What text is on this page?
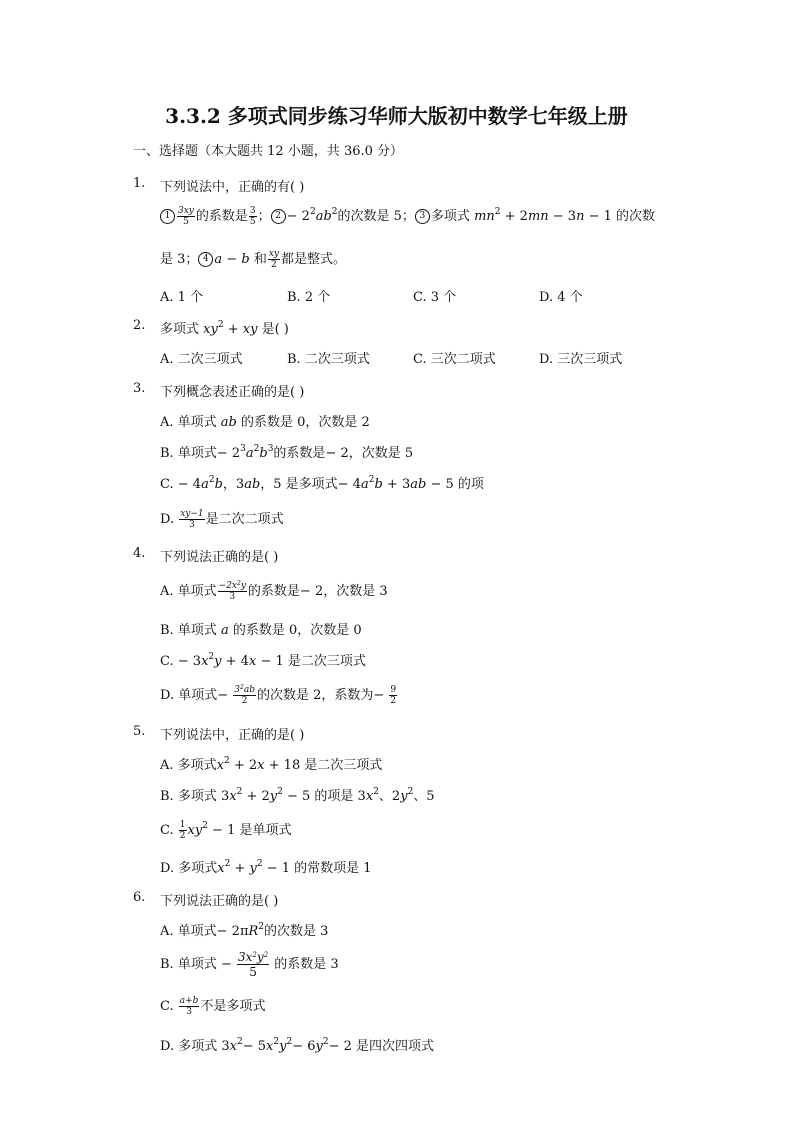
3.3.2 多项式同步练习华师大版初中数学七年级上册
一、选择题（本大题共 12 小题，共 36.0 分）
1. 下列说法中，正确的有( )
$1 \frac{3xy}{5}$ 的系数是 $\frac{3}{5}$ ； $2 - 2^2ab^2$的次数是 5； 3 多项式 $mn^2 + 2mn - 3n - 1$ 的次数
是 3； 4 a − b 和 $\frac{xy}{2}$ 都是整式。
A. 1 个	B. 2 个	C. 3 个	D. 4 个
2. 多项式 $xy^2$ + xy 是( )
A. 二次三项式	B. 二次三项式	C. 三次二项式	D. 三次三项式
3. 下列概念表述正确的是( )
A. 单项式 ab 的系数是 0，次数是 2
B. 单项式− $2^3a^2b^3$的系数是− 2，次数是 5
C. − $4a^2b$，3ab，5 是多项式− $4a^2b + 3ab - 5$ 的项
D. $\frac{xy-1}{3}$ 是二次二项式
4. 下列说法正确的是( )
A. 单项式 $\frac{-2x^2y}{3}$ 的系数是− 2，次数是 3
B. 单项式 a 的系数是 0，次数是 0
C. − $3x^2y + 4x - 1$ 是二次三项式
D. 单项式− $\frac{3^2ab}{2}$ 的次数是 2，系数为− $\frac{9}{2}$
5. 下列说法中，正确的是( )
A. 多项式$x^2 + 2x + 18$ 是二次三项式
B. 多项式 $3x^2 + 2y^2 - 5$ 的项是 $3x^2$、$2y^2$、5
C. $\frac{1}{2} xy^2 - 1$ 是单项式
D. 多项式$x^2 + y^2 - 1$ 的常数项是 1
6. 下列说法正确的是( )
A. 单项式− $2\pi R^2$的次数是 3
B. 单项式 − $\frac{3x^2y^2}{5}$ 的系数是 3
C. $\frac{a+b}{3}$ 不是多项式
D. 多项式 $3x^2- 5x^2y^2- 6y^2- 2$ 是四次四项式
